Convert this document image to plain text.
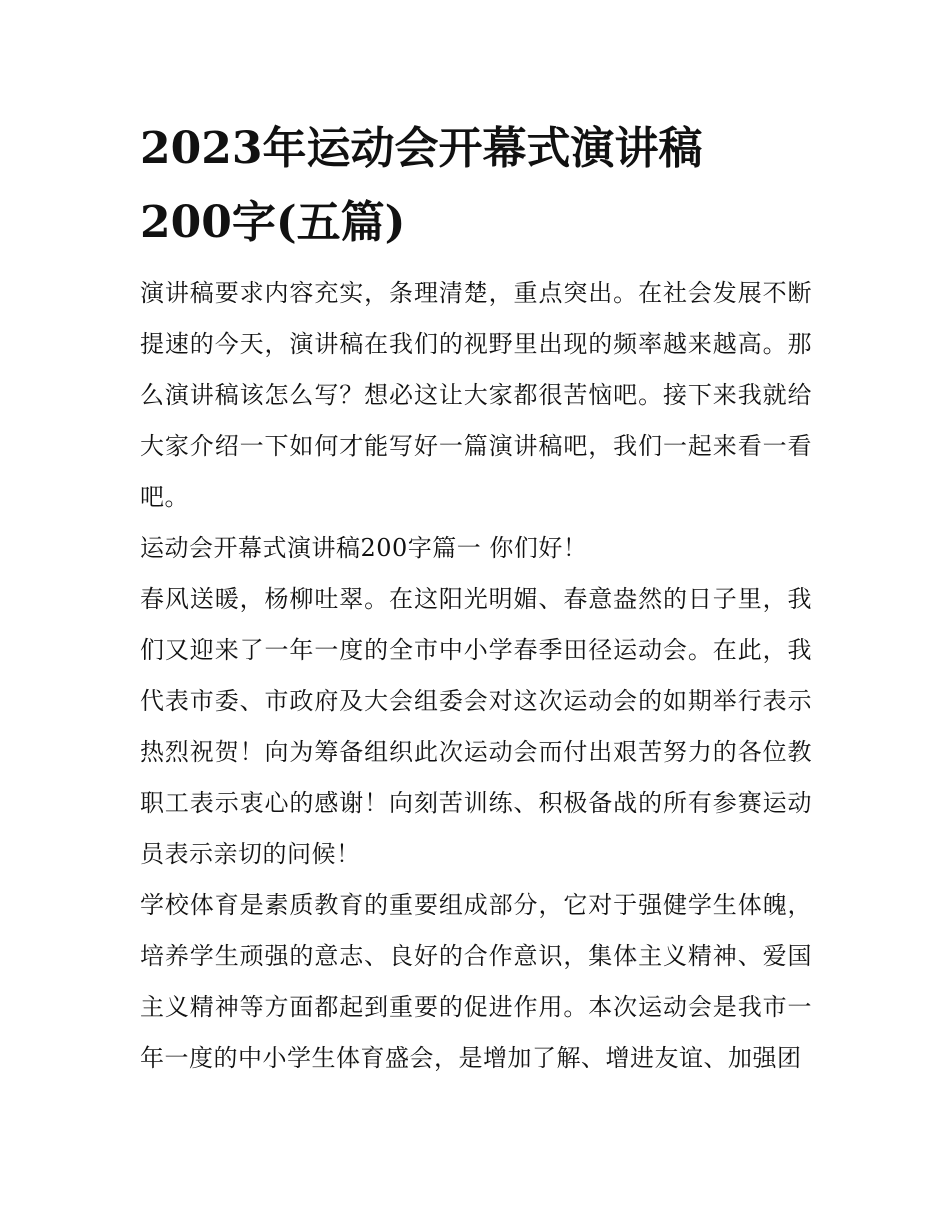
2023年运动会开幕式演讲稿
200字(五篇)

演讲稿要求内容充实，条理清楚，重点突出。在社会发展不断提速的今天，演讲稿在我们的视野里出现的频率越来越高。那么演讲稿该怎么写？想必这让大家都很苦恼吧。接下来我就给大家介绍一下如何才能写好一篇演讲稿吧，我们一起来看一看吧。

运动会开幕式演讲稿200字篇一 你们好！

春风送暖，杨柳吐翠。在这阳光明媚、春意盎然的日子里，我们又迎来了一年一度的全市中小学春季田径运动会。在此，我代表市委、市政府及大会组委会对这次运动会的如期举行表示热烈祝贺！向为筹备组织此次运动会而付出艰苦努力的各位教职工表示衷心的感谢！向刻苦训练、积极备战的所有参赛运动员表示亲切的问候！

学校体育是素质教育的重要组成部分，它对于强健学生体魄，培养学生顽强的意志、良好的合作意识，集体主义精神、爱国主义精神等方面都起到重要的促进作用。本次运动会是我市一年一度的中小学生体育盛会，是增加了解、增进友谊、加强团
